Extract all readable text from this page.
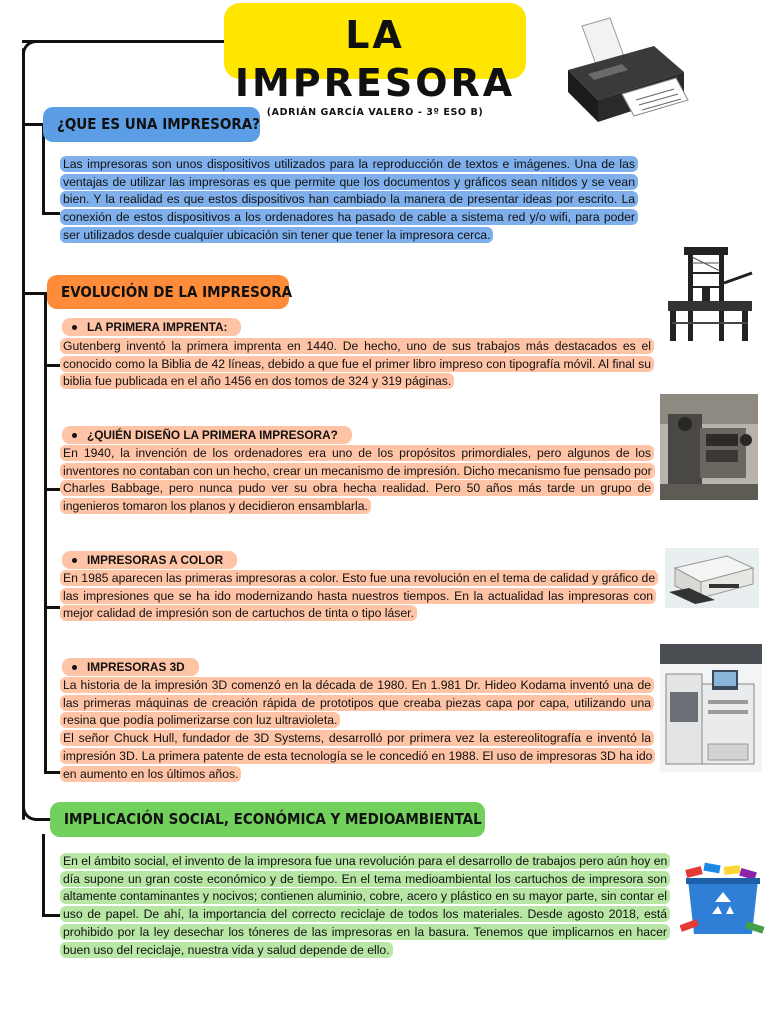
LA IMPRESORA
(ADRIÁN GARCÍA VALERO - 3º ESO B)
¿QUE ES UNA IMPRESORA?
Las impresoras son unos dispositivos utilizados para la reproducción de textos e imágenes. Una de las ventajas de utilizar las impresoras es que permite que los documentos y gráficos sean nítidos y se vean bien. Y la realidad es que estos dispositivos han cambiado la manera de presentar ideas por escrito. La conexión de estos dispositivos a los ordenadores ha pasado de cable a sistema red y/o wifi, para poder ser utilizados desde cualquier ubicación sin tener que tener la impresora cerca.
EVOLUCIÓN DE LA IMPRESORA
LA PRIMERA IMPRENTA:
Gutenberg inventó la primera imprenta en 1440. De hecho, uno de sus trabajos más destacados es el conocido como la Biblia de 42 líneas, debido a que fue el primer libro impreso con tipografía móvil. Al final su biblia fue publicada en el año 1456 en dos tomos de 324 y 319 páginas.
¿QUIÉN DISEÑO LA PRIMERA IMPRESORA?
En 1940, la invención de los ordenadores era uno de los propósitos primordiales, pero algunos de los inventores no contaban con un hecho, crear un mecanismo de impresión. Dicho mecanismo fue pensado por Charles Babbage, pero nunca pudo ver su obra hecha realidad. Pero 50 años más tarde un grupo de ingenieros tomaron los planos y decidieron ensamblarla.
IMPRESORAS A COLOR
En 1985 aparecen las primeras impresoras a color. Esto fue una revolución en el tema de calidad y gráfico de las impresiones que se ha ido modernizando hasta nuestros tiempos. En la actualidad las impresoras con mejor calidad de impresión son de cartuchos de tinta o tipo láser.
IMPRESORAS 3D
La historia de la impresión 3D comenzó en la década de 1980. En 1.981 Dr. Hideo Kodama inventó una de las primeras máquinas de creación rápida de prototipos que creaba piezas capa por capa, utilizando una resina que podía polimerizarse con luz ultravioleta.
El señor Chuck Hull, fundador de 3D Systems, desarrolló por primera vez la estereolitografía e inventó la impresión 3D. La primera patente de esta tecnología se le concedió en 1988. El uso de impresoras 3D ha ido en aumento en los últimos años.
IMPLICACIÓN SOCIAL, ECONÓMICA Y MEDIOAMBIENTAL
En el ámbito social, el invento de la impresora fue una revolución para el desarrollo de trabajos pero aún hoy en día supone un gran coste económico y de tiempo. En el tema medioambiental los cartuchos de impresora son altamente contaminantes y nocivos; contienen aluminio, cobre, acero y plástico en su mayor parte, sin contar el uso de papel. De ahí, la importancia del correcto reciclaje de todos los materiales. Desde agosto 2018, está prohibido por la ley desechar los tóneres de las impresoras en la basura. Tenemos que implicarnos en hacer buen uso del reciclaje, nuestra vida y salud depende de ello.
